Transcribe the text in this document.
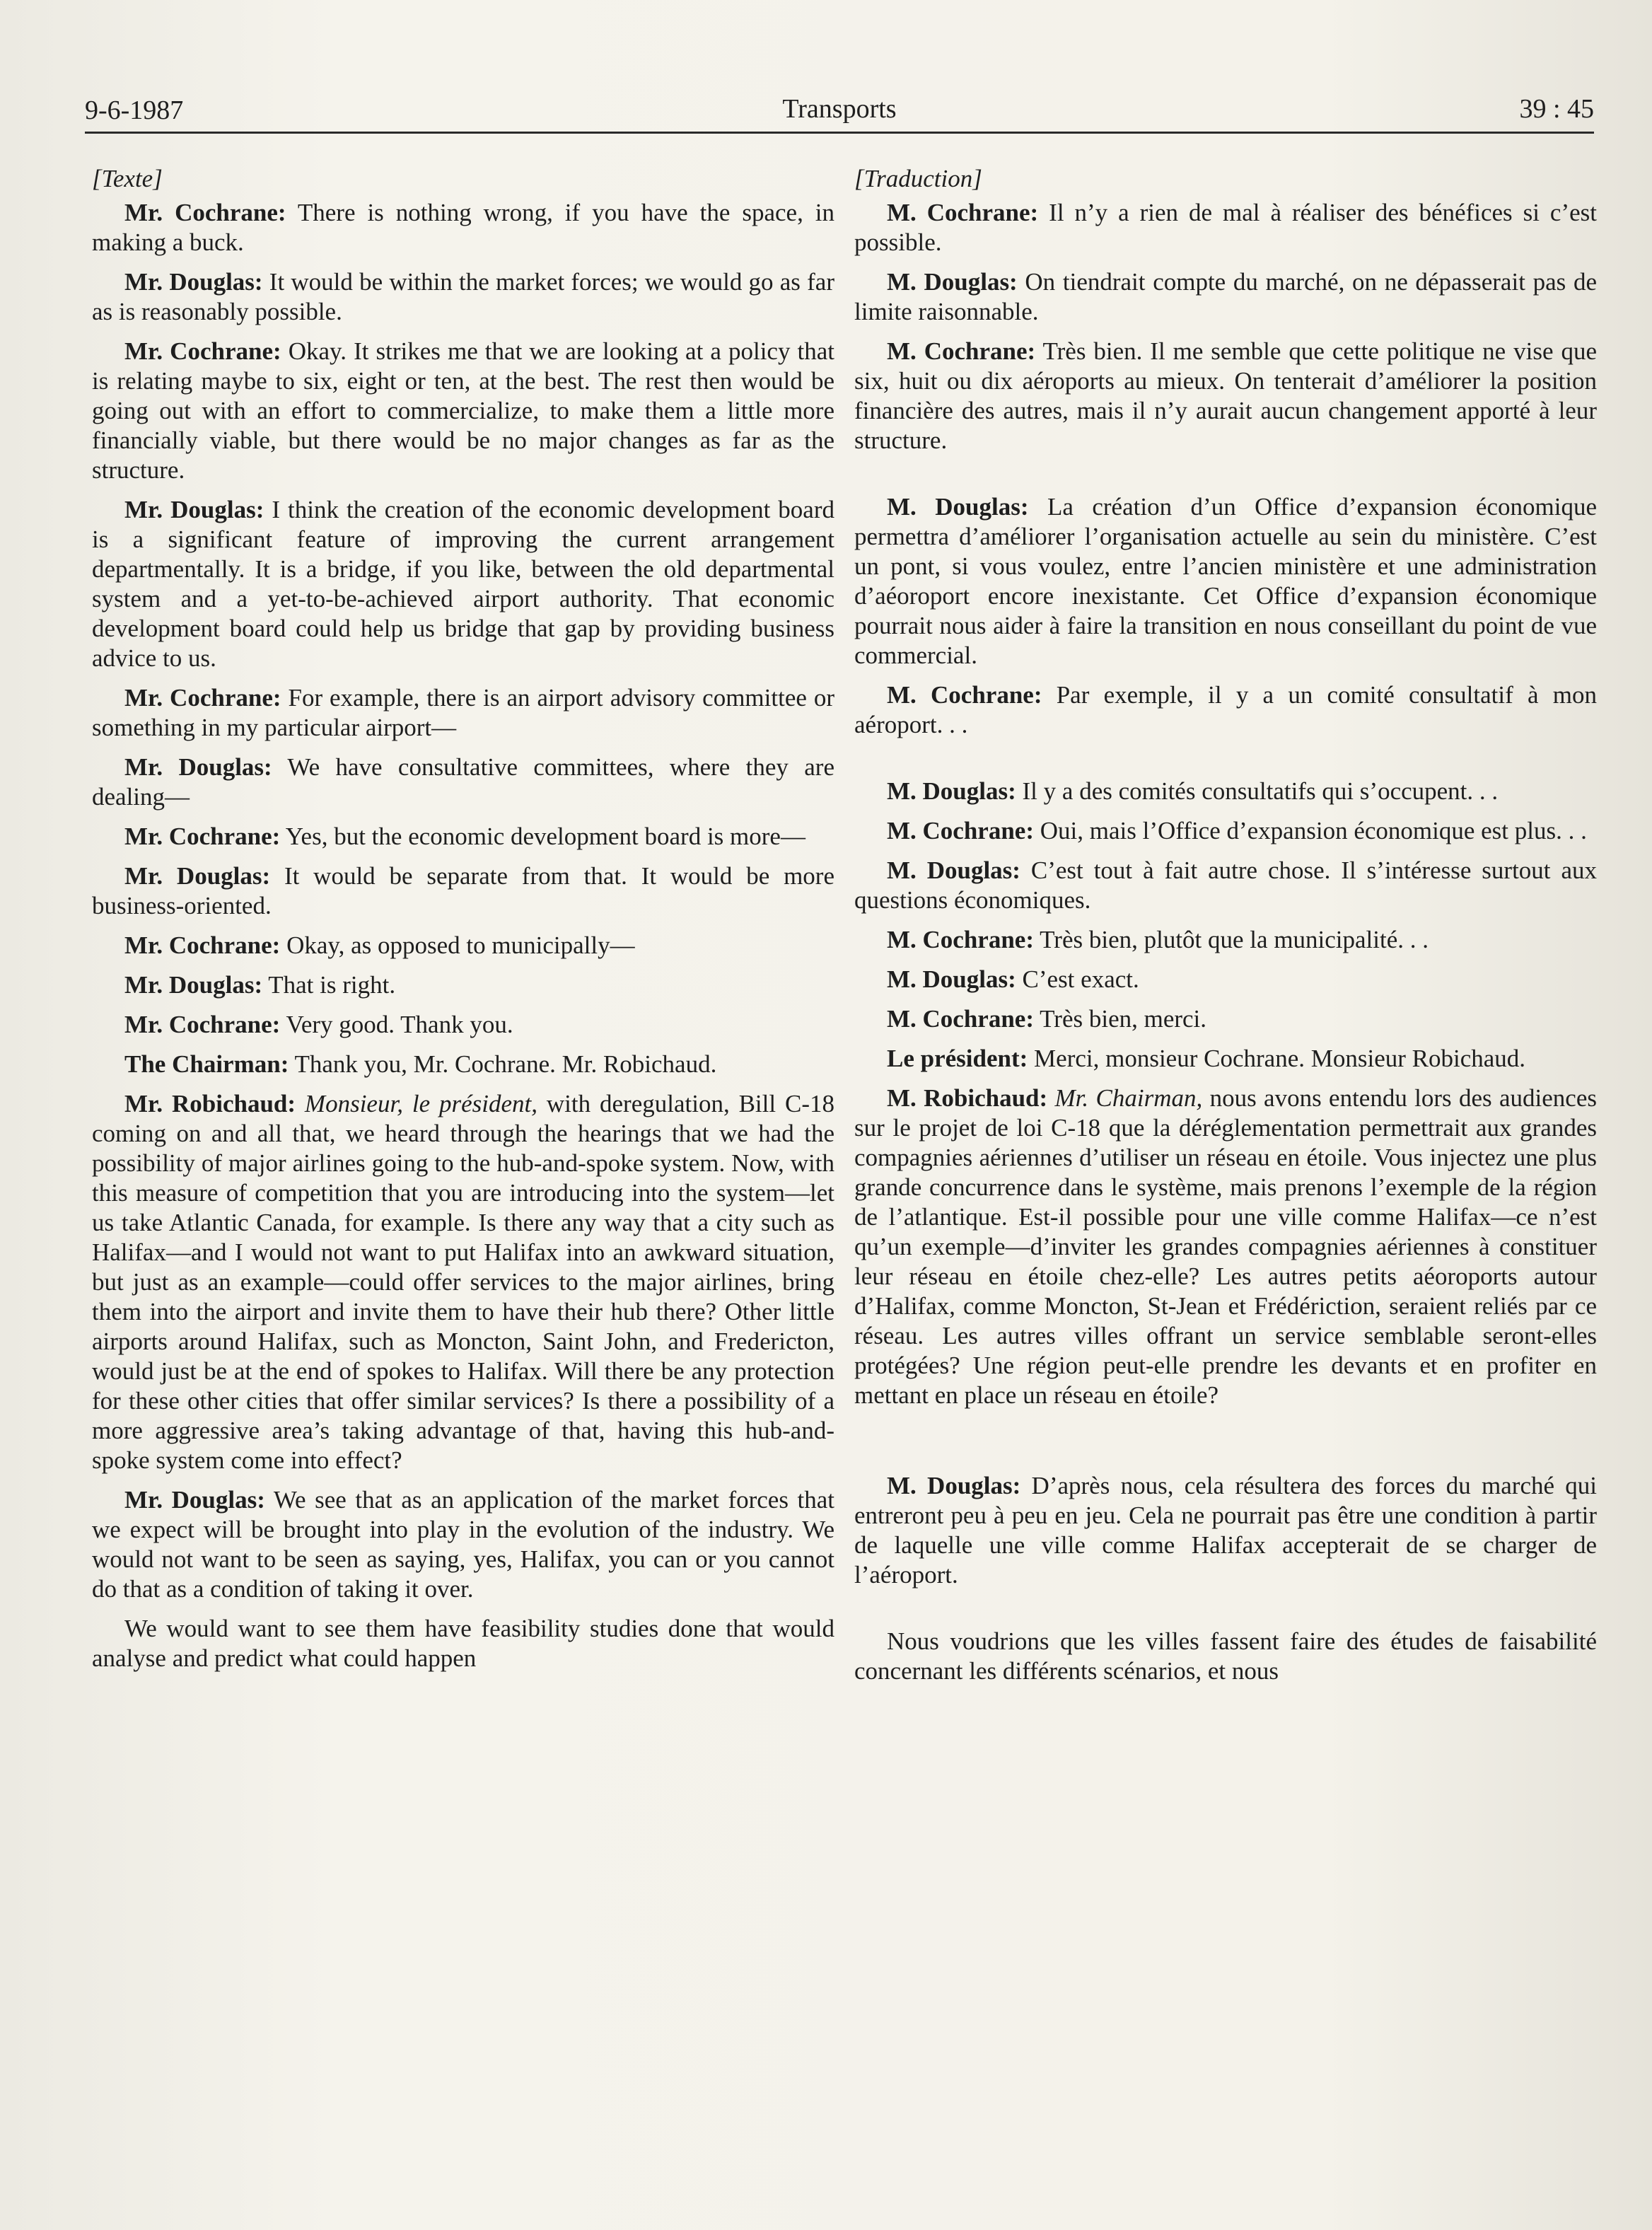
9-6-1987	Transports	39 : 45
[Texte]

Mr. Cochrane: There is nothing wrong, if you have the space, in making a buck.

Mr. Douglas: It would be within the market forces; we would go as far as is reasonably possible.

Mr. Cochrane: Okay. It strikes me that we are looking at a policy that is relating maybe to six, eight or ten, at the best. The rest then would be going out with an effort to commercialize, to make them a little more financially viable, but there would be no major changes as far as the structure.

Mr. Douglas: I think the creation of the economic development board is a significant feature of improving the current arrangement departmentally. It is a bridge, if you like, between the old departmental system and a yet-to-be-achieved airport authority. That economic development board could help us bridge that gap by providing business advice to us.

Mr. Cochrane: For example, there is an airport advisory committee or something in my particular airport—

Mr. Douglas: We have consultative committees, where they are dealing—

Mr. Cochrane: Yes, but the economic development board is more—

Mr. Douglas: It would be separate from that. It would be more business-oriented.

Mr. Cochrane: Okay, as opposed to municipally—

Mr. Douglas: That is right.

Mr. Cochrane: Very good. Thank you.

The Chairman: Thank you, Mr. Cochrane. Mr. Robichaud.

Mr. Robichaud: Monsieur, le président, with deregulation, Bill C-18 coming on and all that, we heard through the hearings that we had the possibility of major airlines going to the hub-and-spoke system. Now, with this measure of competition that you are introducing into the system—let us take Atlantic Canada, for example. Is there any way that a city such as Halifax—and I would not want to put Halifax into an awkward situation, but just as an example—could offer services to the major airlines, bring them into the airport and invite them to have their hub there? Other little airports around Halifax, such as Moncton, Saint John, and Fredericton, would just be at the end of spokes to Halifax. Will there be any protection for these other cities that offer similar services? Is there a possibility of a more aggressive area’s taking advantage of that, having this hub-and-spoke system come into effect?

Mr. Douglas: We see that as an application of the market forces that we expect will be brought into play in the evolution of the industry. We would not want to be seen as saying, yes, Halifax, you can or you cannot do that as a condition of taking it over.

We would want to see them have feasibility studies done that would analyse and predict what could happen

[Traduction]

M. Cochrane: Il n’y a rien de mal à réaliser des bénéfices si c’est possible.

M. Douglas: On tiendrait compte du marché, on ne dépasserait pas de limite raisonnable.

M. Cochrane: Très bien. Il me semble que cette politique ne vise que six, huit ou dix aéroports au mieux. On tenterait d’améliorer la position financière des autres, mais il n’y aurait aucun changement apporté à leur structure.

M. Douglas: La création d’un Office d’expansion économique permettra d’améliorer l’organisation actuelle au sein du ministère. C’est un pont, si vous voulez, entre l’ancien ministère et une administration d’aéoroport encore inexistante. Cet Office d’expansion économique pourrait nous aider à faire la transition en nous conseillant du point de vue commercial.

M. Cochrane: Par exemple, il y a un comité consultatif à mon aéroport. . .

M. Douglas: Il y a des comités consultatifs qui s’occupent. . .

M. Cochrane: Oui, mais l’Office d’expansion économique est plus. . .

M. Douglas: C’est tout à fait autre chose. Il s’intéresse surtout aux questions économiques.

M. Cochrane: Très bien, plutôt que la municipalité. . .

M. Douglas: C’est exact.

M. Cochrane: Très bien, merci.

Le président: Merci, monsieur Cochrane. Monsieur Robichaud.

M. Robichaud: Mr. Chairman, nous avons entendu lors des audiences sur le projet de loi C-18 que la déréglementation permettrait aux grandes compagnies aériennes d’utiliser un réseau en étoile. Vous injectez une plus grande concurrence dans le système, mais prenons l’exemple de la région de l’atlantique. Est-il possible pour une ville comme Halifax—ce n’est qu’un exemple—d’inviter les grandes compagnies aériennes à constituer leur réseau en étoile chez-elle? Les autres petits aéoroports autour d’Halifax, comme Moncton, St-Jean et Frédériction, seraient reliés par ce réseau. Les autres villes offrant un service semblable seront-elles protégées? Une région peut-elle prendre les devants et en profiter en mettant en place un réseau en étoile?

M. Douglas: D’après nous, cela résultera des forces du marché qui entreront peu à peu en jeu. Cela ne pourrait pas être une condition à partir de laquelle une ville comme Halifax accepterait de se charger de l’aéroport.

Nous voudrions que les villes fassent faire des études de faisabilité concernant les différents scénarios, et nous
